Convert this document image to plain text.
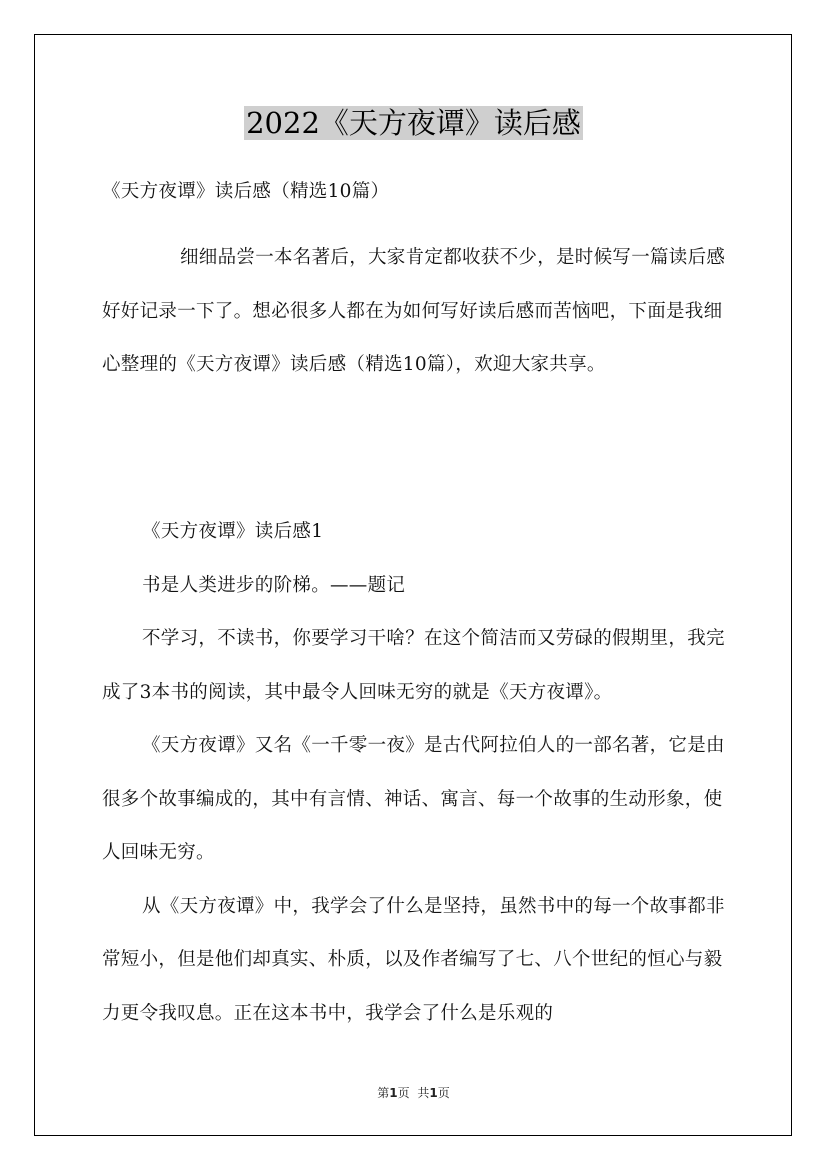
2022《天方夜谭》读后感
《天方夜谭》读后感（精选10篇）
细细品尝一本名著后，大家肯定都收获不少，是时候写一篇读后感好好记录一下了。想必很多人都在为如何写好读后感而苦恼吧，下面是我细心整理的《天方夜谭》读后感（精选10篇），欢迎大家共享。

《天方夜谭》读后感1

书是人类进步的阶梯。——题记

不学习，不读书，你要学习干啥？在这个简洁而又劳碌的假期里，我完成了3本书的阅读，其中最令人回味无穷的就是《天方夜谭》。

《天方夜谭》又名《一千零一夜》是古代阿拉伯人的一部名著，它是由很多个故事编成的，其中有言情、神话、寓言、每一个故事的生动形象，使人回味无穷。

从《天方夜谭》中，我学会了什么是坚持，虽然书中的每一个故事都非常短小，但是他们却真实、朴质，以及作者编写了七、八个世纪的恒心与毅力更令我叹息。正在这本书中，我学会了什么是乐观的

第1页 共1页
